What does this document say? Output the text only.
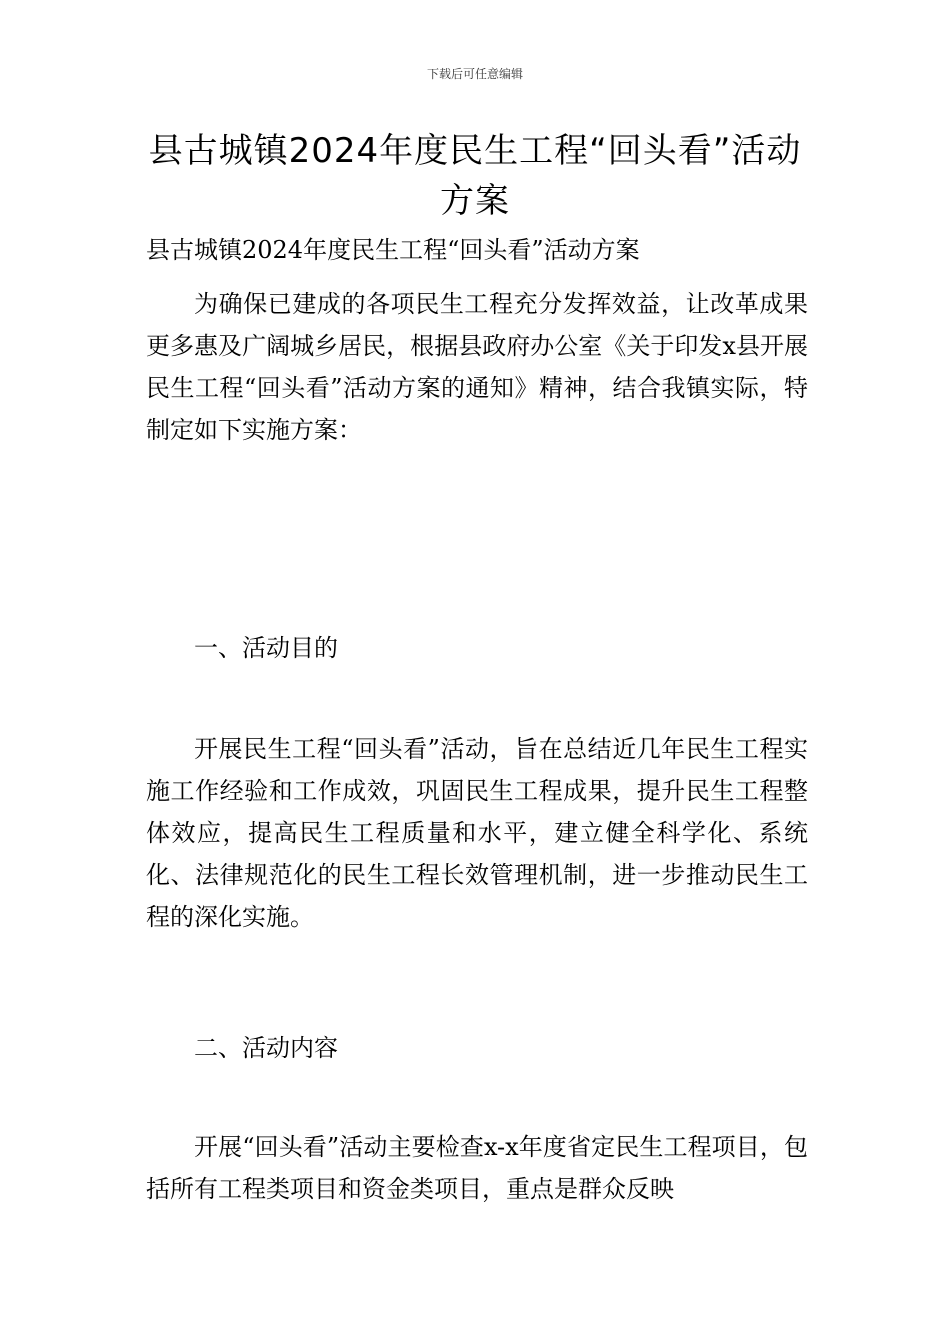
下载后可任意编辑
县古城镇2024年度民生工程“回头看”活动方案

县古城镇2024年度民生工程“回头看”活动方案

为确保已建成的各项民生工程充分发挥效益，让改革成果更多惠及广阔城乡居民，根据县政府办公室《关于印发x县开展民生工程“回头看”活动方案的通知》精神，结合我镇实际，特制定如下实施方案：

一、活动目的

开展民生工程“回头看”活动，旨在总结近几年民生工程实施工作经验和工作成效，巩固民生工程成果，提升民生工程整体效应，提高民生工程质量和水平，建立健全科学化、系统化、法律规范化的民生工程长效管理机制，进一步推动民生工程的深化实施。

二、活动内容

开展“回头看”活动主要检查x-x年度省定民生工程项目，包括所有工程类项目和资金类项目，重点是群众反映
